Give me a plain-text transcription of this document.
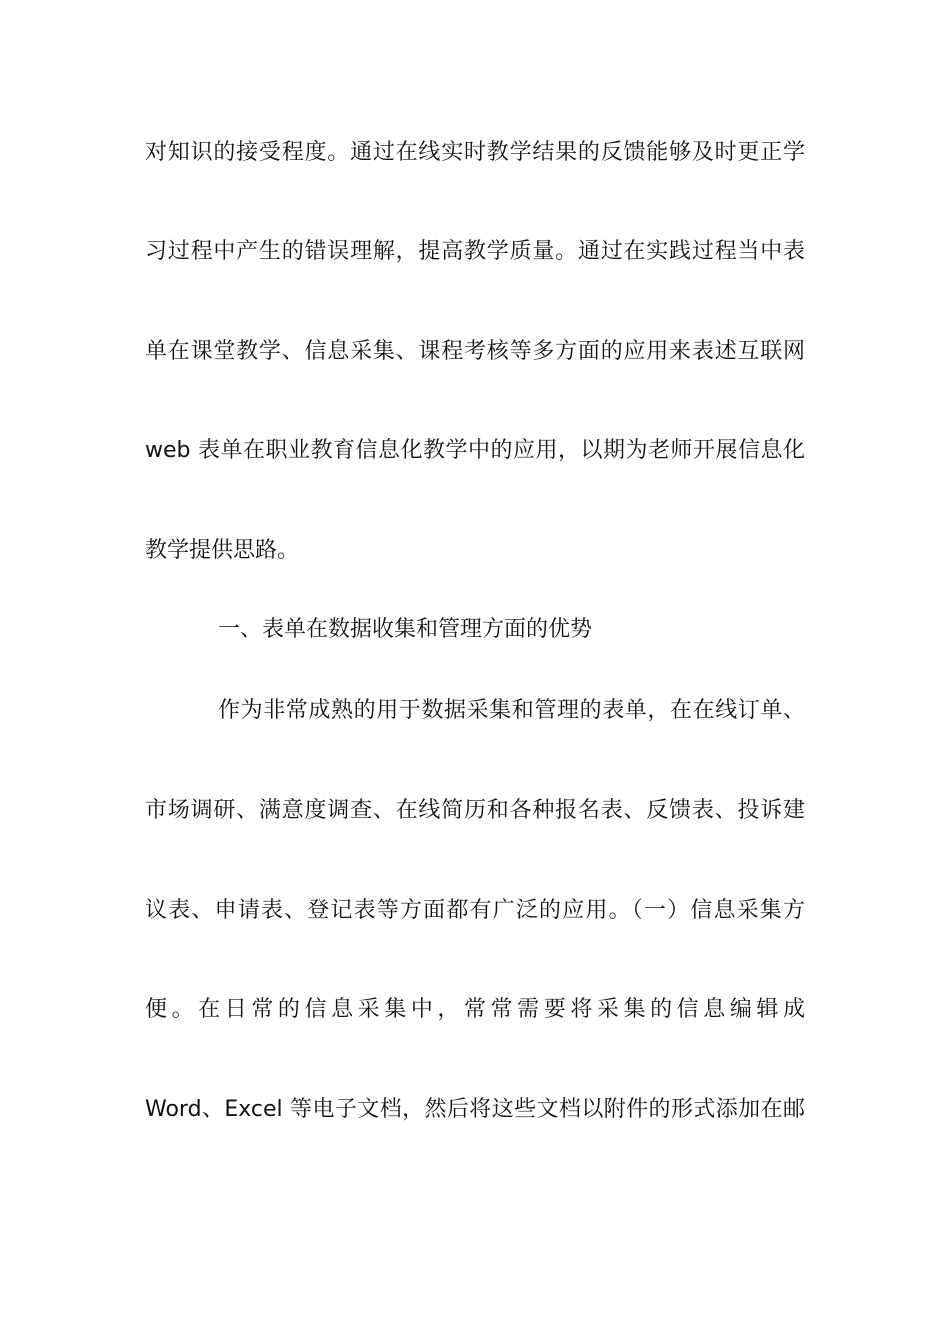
对知识的接受程度。通过在线实时教学结果的反馈能够及时更正学
习过程中产生的错误理解，提高教学质量。通过在实践过程当中表
单在课堂教学、信息采集、课程考核等多方面的应用来表述互联网
web 表单在职业教育信息化教学中的应用，以期为老师开展信息化
教学提供思路。
一、表单在数据收集和管理方面的优势
作为非常成熟的用于数据采集和管理的表单，在在线订单、
市场调研、满意度调查、在线简历和各种报名表、反馈表、投诉建
议表、申请表、登记表等方面都有广泛的应用。（一）信息采集方
便。在日常的信息采集中，常常需要将采集的信息编辑成
Word、Excel 等电子文档，然后将这些文档以附件的形式添加在邮
